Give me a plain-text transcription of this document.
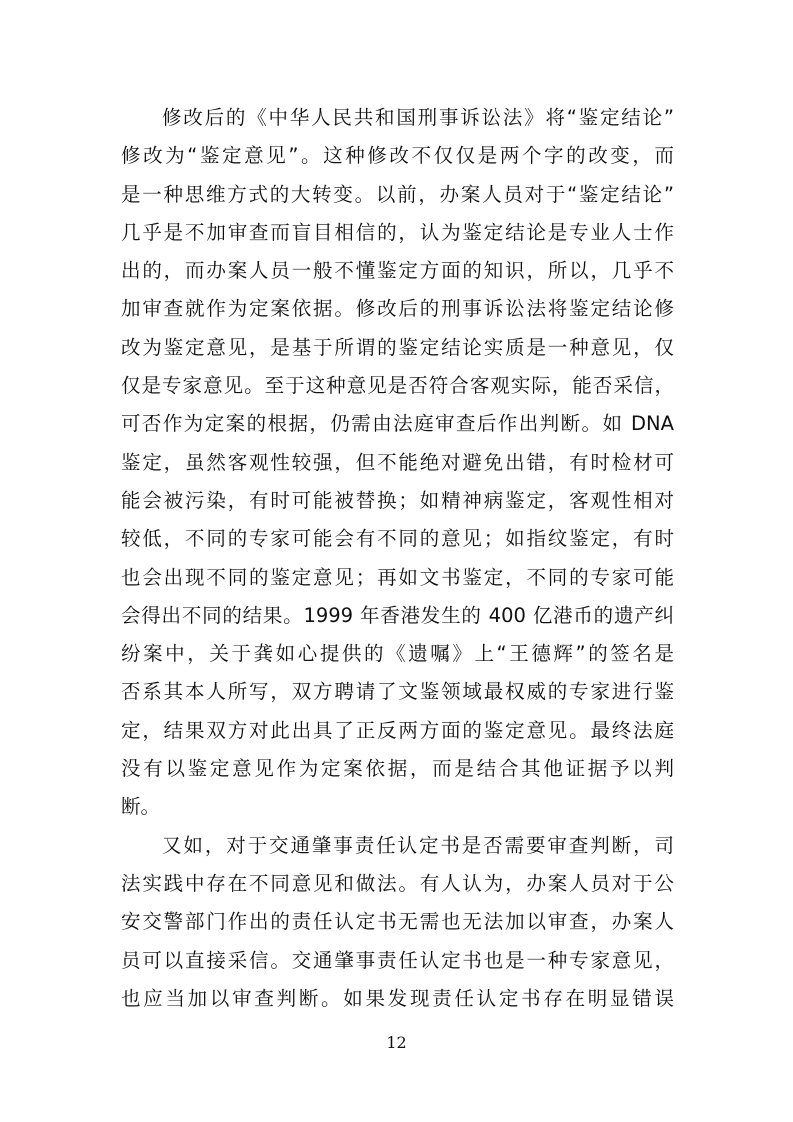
修改后的《中华人民共和国刑事诉讼法》将“鉴定结论”
修改为“鉴定意见”。这种修改不仅仅是两个字的改变，而
是一种思维方式的大转变。以前，办案人员对于“鉴定结论”
几乎是不加审查而盲目相信的，认为鉴定结论是专业人士作
出的，而办案人员一般不懂鉴定方面的知识，所以，几乎不
加审查就作为定案依据。修改后的刑事诉讼法将鉴定结论修
改为鉴定意见，是基于所谓的鉴定结论实质是一种意见，仅
仅是专家意见。至于这种意见是否符合客观实际，能否采信，
可否作为定案的根据，仍需由法庭审查后作出判断。如 DNA
鉴定，虽然客观性较强，但不能绝对避免出错，有时检材可
能会被污染，有时可能被替换；如精神病鉴定，客观性相对
较低，不同的专家可能会有不同的意见；如指纹鉴定，有时
也会出现不同的鉴定意见；再如文书鉴定，不同的专家可能
会得出不同的结果。1999 年香港发生的 400 亿港币的遗产纠
纷案中，关于龚如心提供的《遗嘱》上“王德辉”的签名是
否系其本人所写，双方聘请了文鉴领域最权威的专家进行鉴
定，结果双方对此出具了正反两方面的鉴定意见。最终法庭
没有以鉴定意见作为定案依据，而是结合其他证据予以判
断。
又如，对于交通肇事责任认定书是否需要审查判断，司
法实践中存在不同意见和做法。有人认为，办案人员对于公
安交警部门作出的责任认定书无需也无法加以审查，办案人
员可以直接采信。交通肇事责任认定书也是一种专家意见，
也应当加以审查判断。如果发现责任认定书存在明显错误
12
